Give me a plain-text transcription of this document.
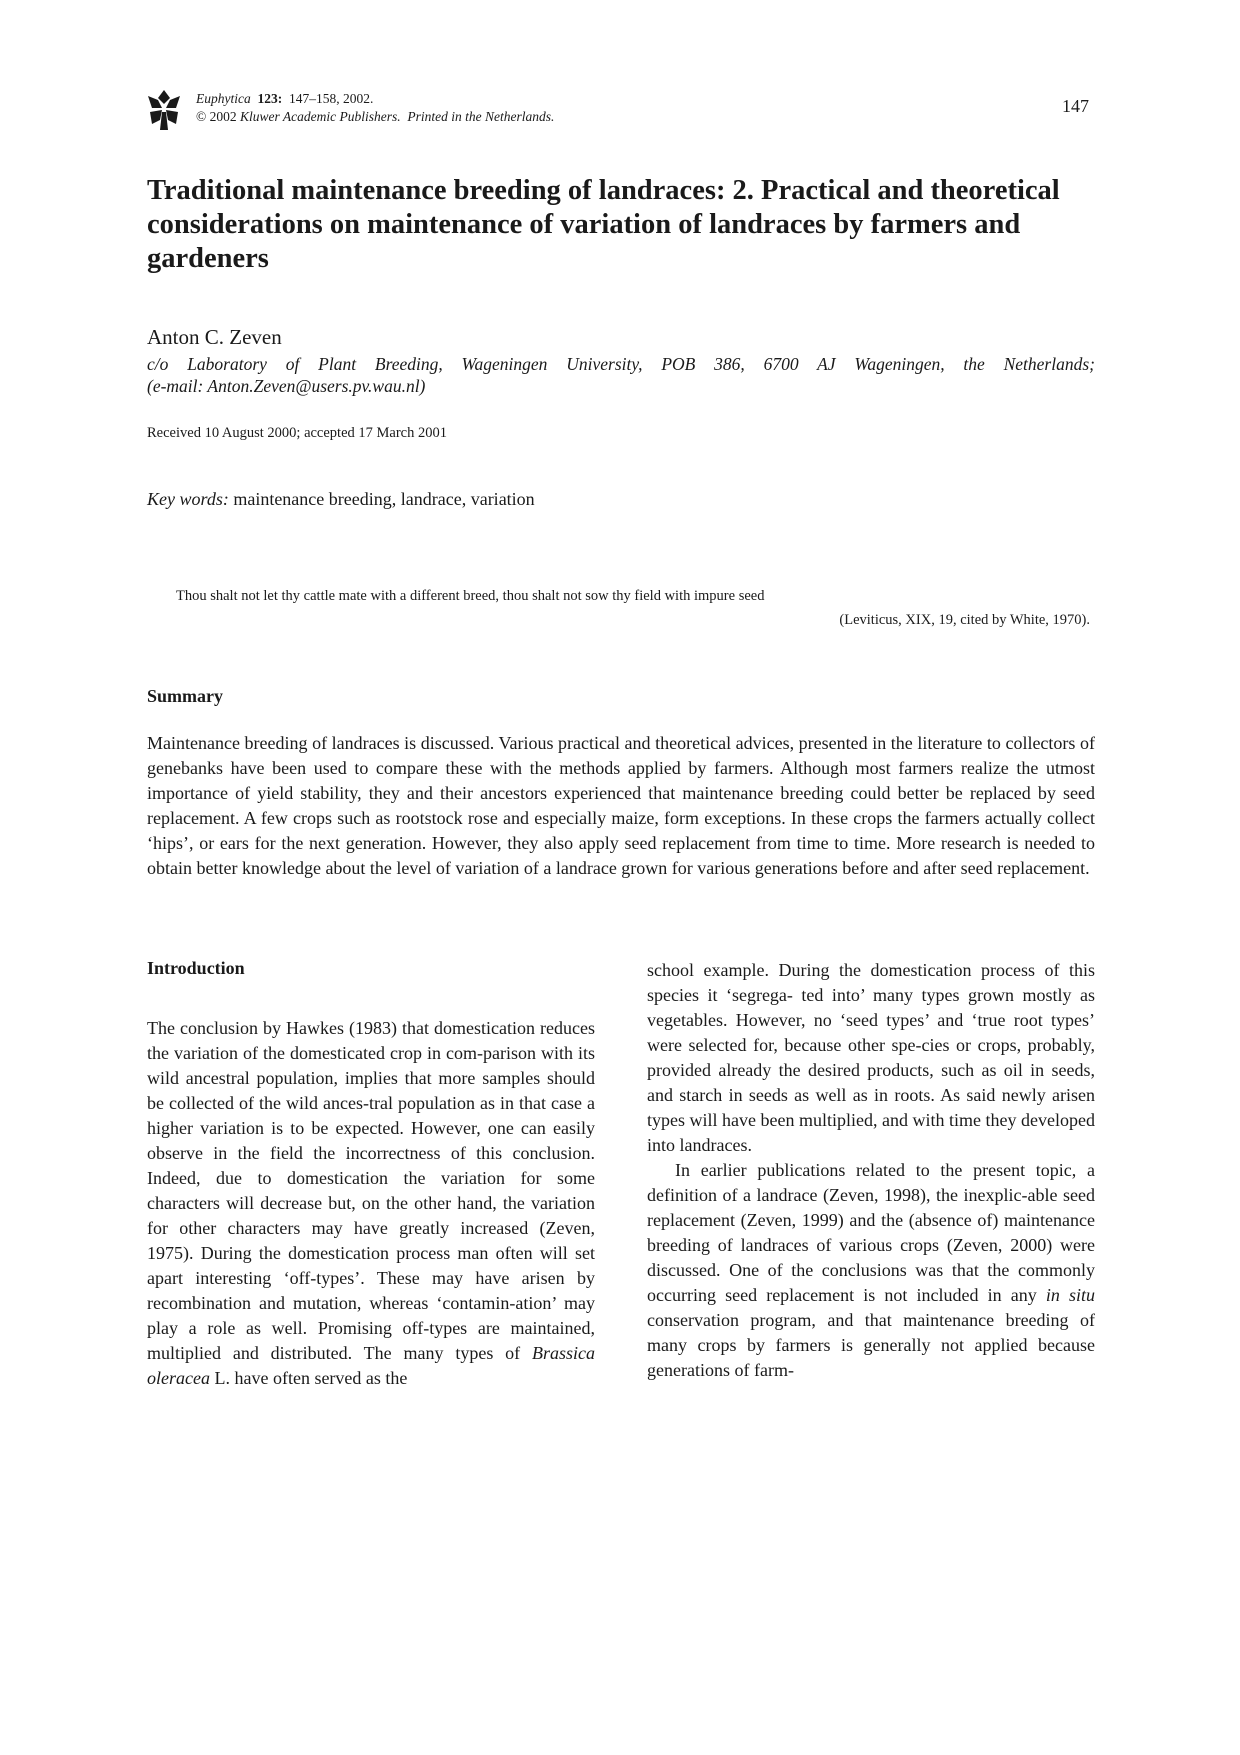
Euphytica 123: 147–158, 2002.
© 2002 Kluwer Academic Publishers. Printed in the Netherlands.
147
Traditional maintenance breeding of landraces: 2. Practical and theoretical considerations on maintenance of variation of landraces by farmers and gardeners
Anton C. Zeven
c/o Laboratory of Plant Breeding, Wageningen University, POB 386, 6700 AJ Wageningen, the Netherlands;
(e-mail: Anton.Zeven@users.pv.wau.nl)
Received 10 August 2000; accepted 17 March 2001
Key words: maintenance breeding, landrace, variation
Thou shalt not let thy cattle mate with a different breed, thou shalt not sow thy field with impure seed
(Leviticus, XIX, 19, cited by White, 1970).
Summary

Maintenance breeding of landraces is discussed. Various practical and theoretical advices, presented in the literature to collectors of genebanks have been used to compare these with the methods applied by farmers. Although most farmers realize the utmost importance of yield stability, they and their ancestors experienced that maintenance breeding could better be replaced by seed replacement. A few crops such as rootstock rose and especially maize, form exceptions. In these crops the farmers actually collect ‘hips’, or ears for the next generation. However, they also apply seed replacement from time to time. More research is needed to obtain better knowledge about the level of variation of a landrace grown for various generations before and after seed replacement.

Introduction

The conclusion by Hawkes (1983) that domestication reduces the variation of the domesticated crop in com-parison with its wild ancestral population, implies that more samples should be collected of the wild ances-tral population as in that case a higher variation is to be expected. However, one can easily observe in the field the incorrectness of this conclusion. Indeed, due to domestication the variation for some characters will decrease but, on the other hand, the variation for other characters may have greatly increased (Zeven, 1975). During the domestication process man often will set apart interesting ‘off-types’. These may have arisen by recombination and mutation, whereas ‘contamin-ation’ may play a role as well. Promising off-types are maintained, multiplied and distributed. The many types of Brassica oleracea L. have often served as the

school example. During the domestication process of this species it ‘segrega- ted into’ many types grown mostly as vegetables. However, no ‘seed types’ and ‘true root types’ were selected for, because other spe-cies or crops, probably, provided already the desired products, such as oil in seeds, and starch in seeds as well as in roots. As said newly arisen types will have been multiplied, and with time they developed into landraces.

In earlier publications related to the present topic, a definition of a landrace (Zeven, 1998), the inexplic-able seed replacement (Zeven, 1999) and the (absence of) maintenance breeding of landraces of various crops (Zeven, 2000) were discussed. One of the conclusions was that the commonly occurring seed replacement is not included in any in situ conservation program, and that maintenance breeding of many crops by farmers is generally not applied because generations of farm-
